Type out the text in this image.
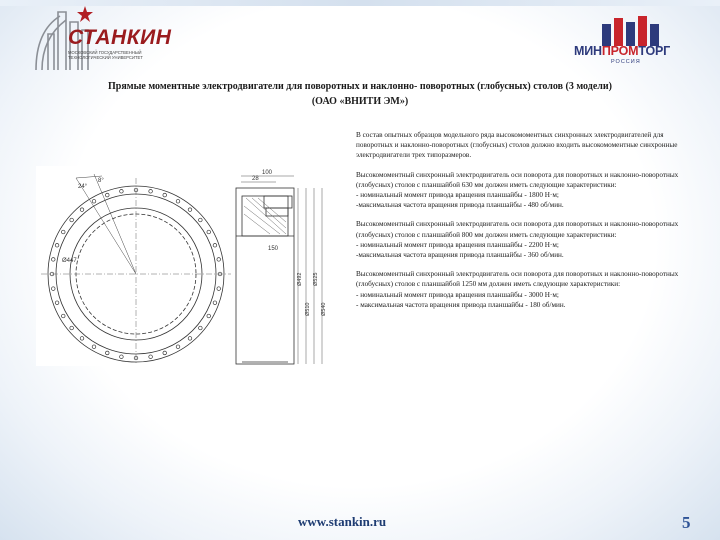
СТАНКИН
МОСКОВСКИЙ ГОСУДАРСТВЕННЫЙ ТЕХНОЛОГИЧЕСКИЙ УНИВЕРСИТЕТ	МИНПРОМТОРГ
РОССИЯ
Прямые моментные электродвигатели для поворотных и наклонно- поворотных (глобусных) столов (3 модели)
(ОАО «ВНИТИ ЭМ»)
24°
8°
Ø447
100
28
150
Ø492
Ø510
Ø525
Ø540

В состав опытных образцов модельного ряда высокомоментных синхронных электродвигателей для поворотных и наклонно-поворотных (глобусных) столов должно входить высокомоментные синхронные электродвигатели трех типоразмеров.

Высокомоментный синхронный электродвигатель оси поворота для поворотных и наклонно-поворотных (глобусных) столов с планшайбой 630 мм должен иметь следующие характеристики:
- номинальный момент привода вращения планшайбы - 1800 Н·м;
-максимальная частота вращения привода планшайбы - 480 об/мин.

Высокомоментный синхронный электродвигатель оси поворота для поворотных и наклонно-поворотных (глобусных) столов с планшайбой 800 мм должен иметь следующие характеристики:
- номинальный момент привода вращения планшайбы - 2200 Н·м;
-максимальная частота вращения привода планшайбы - 360 об/мин.

Высокомоментный синхронный электродвигатель оси поворота для поворотных и наклонно-поворотных (глобусных) столов с планшайбой 1250 мм должен иметь следующие характеристики:
- номинальный момент привода вращения планшайбы - 3000 Н·м;
- максимальная частота вращения привода планшайбы - 180 об/мин.

www.stankin.ru	5
